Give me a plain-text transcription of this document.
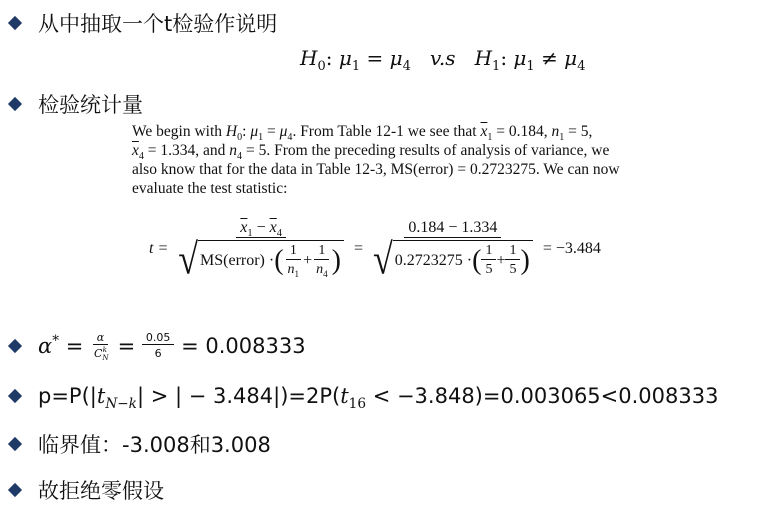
从中抽取一个t检验作说明
$H_0$: $\mu_1 = \mu_4$   v.s   $H_1$: $\mu_1 \ne \mu_4$
检验统计量
We begin with $H_0$: $\mu_1 = \mu_4$. From Table 12-1 we see that $\overline{x}_1 = 0.184$, $n_1 = 5$,
$\overline{x}_4 = 1.334$, and $n_4 = 5$. From the preceding results of analysis of variance, we
also know that for the data in Table 12-3, MS(error) = 0.2723275. We can now
evaluate the test statistic:
t =
$\overline{x}_1 - \overline{x}_4$
√ MS(error) · ( $\frac{1}{n_1} + \frac{1}{n_4}$ ) =
0.184 − 1.334
√ 0.2723275 · ( $\frac{1}{5} + \frac{1}{5}$ ) = −3.484
$\alpha^* = \frac{\alpha}{C_N^k} = \frac{0.05}{6}$
= 0.008333
$p=P(|t_{N-k}|$ > | − $3.484|)=2P(t_{16} < -3.848)=0.003065<0.008333$
临界值：-3.008和3.008
故拒绝零假设
